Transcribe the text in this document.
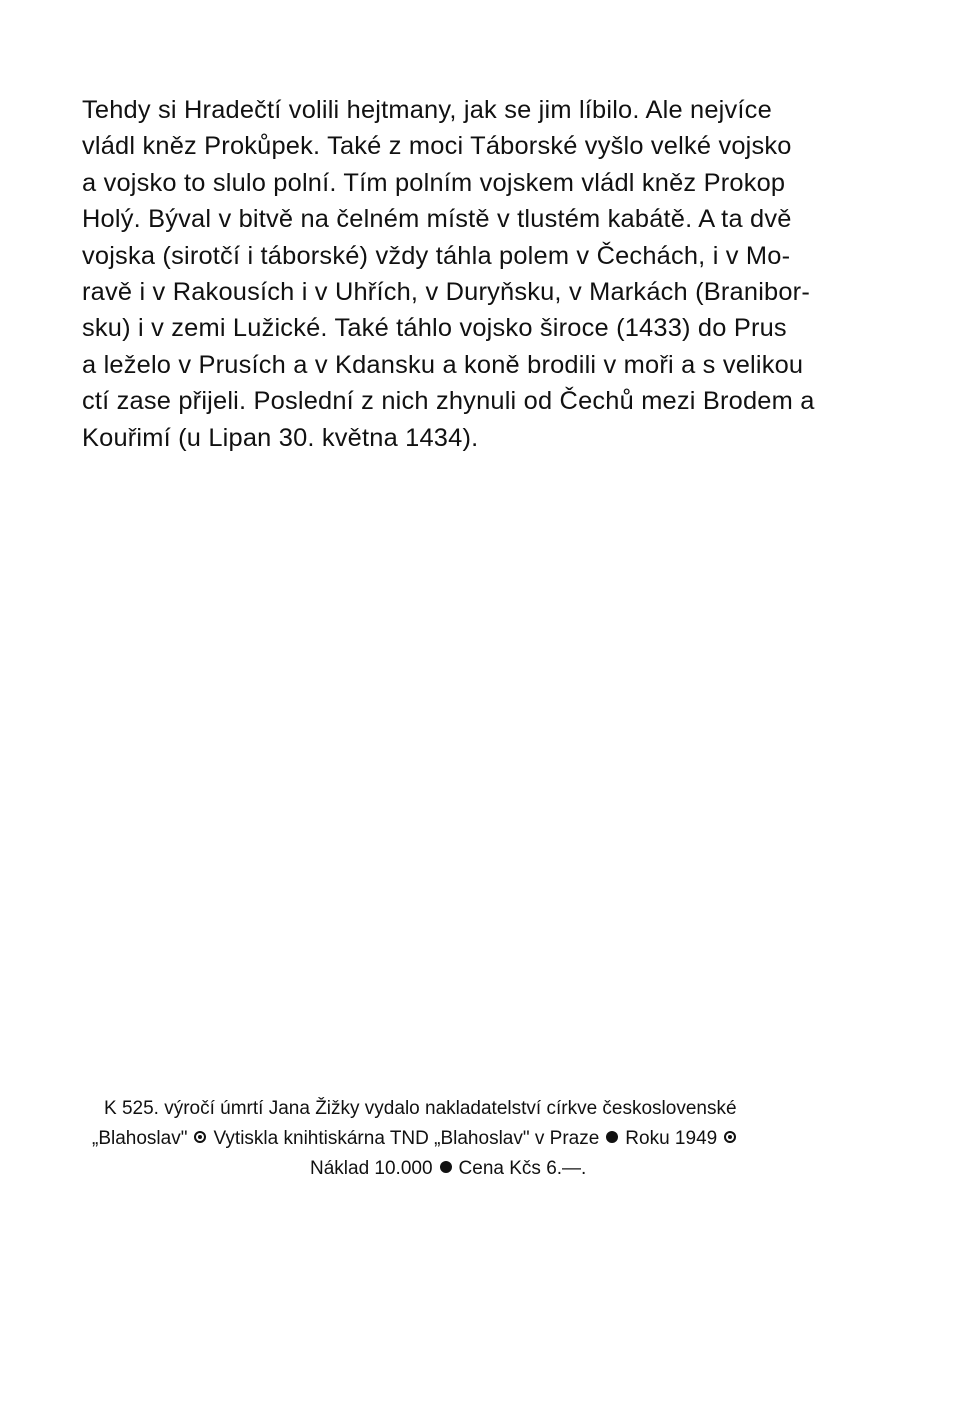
Tehdy si Hradečtí volili hejtmany, jak se jim líbilo. Ale nejvíce
vládl kněz Prokůpek. Také z moci Táborské vyšlo velké vojsko
a vojsko to slulo polní. Tím polním vojskem vládl kněz Prokop
Holý. Býval v bitvě na čelném místě v tlustém kabátě. A ta dvě
vojska (sirotčí i táborské) vždy táhla polem v Čechách, i v Mo-
ravě i v Rakousích i v Uhřích, v Duryňsku, v Markách (Branibor-
sku) i v zemi Lužické. Také táhlo vojsko široce (1433) do Prus
a leželo v Prusích a v Kdansku a koně brodili v moři a s velikou
ctí zase přijeli. Poslední z nich zhynuli od Čechů mezi Brodem a
Kouřimí (u Lipan 30. května 1434).

K 525. výročí úmrtí Jana Žižky vydalo nakladatelství církve československé
„Blahoslav" Vytiskla knihtiskárna TND „Blahoslav" v Praze Roku 1949
Náklad 10.000 Cena Kčs 6.—.
